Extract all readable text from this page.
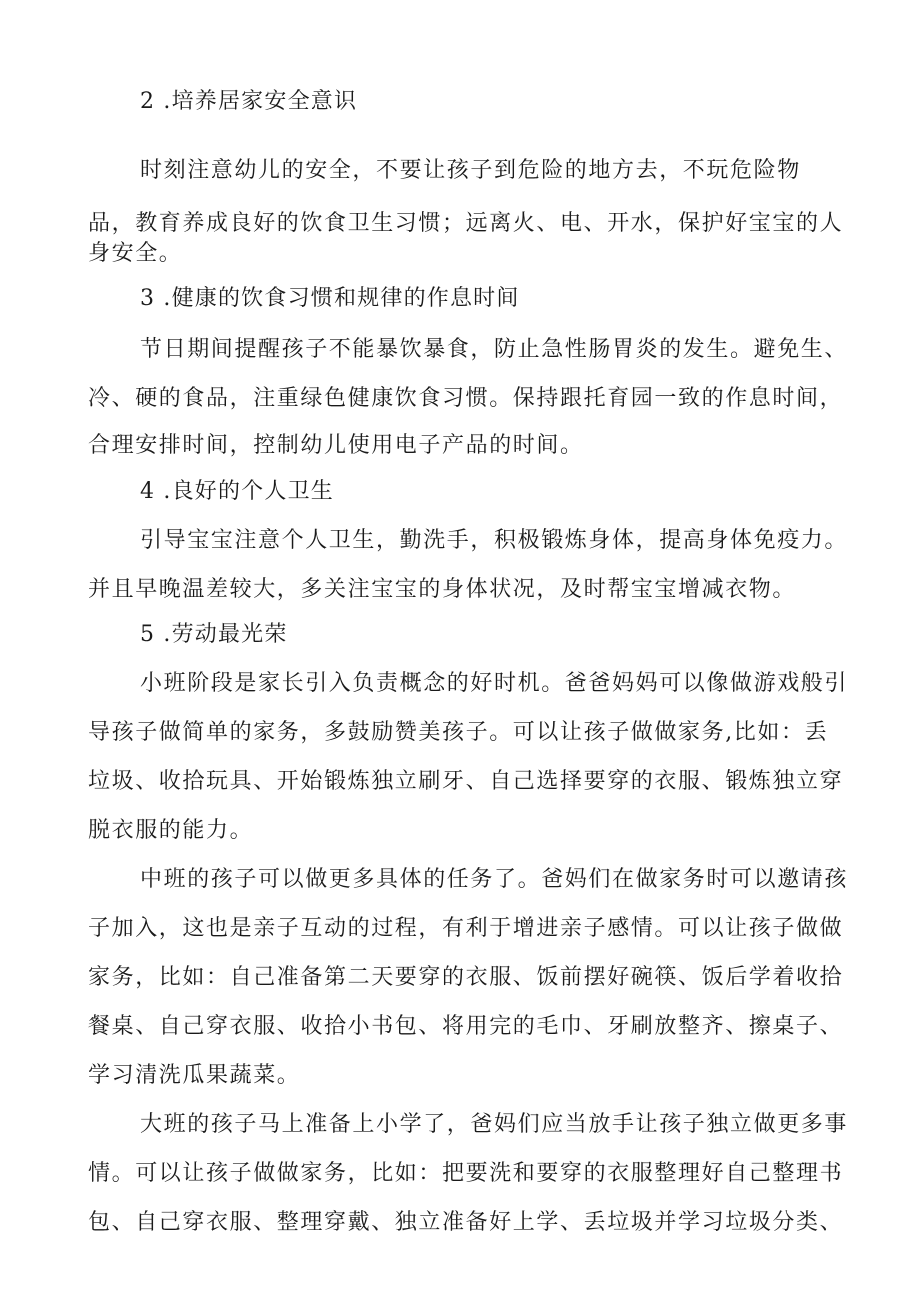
2 .培养居家安全意识
时刻注意幼儿的安全，不要让孩子到危险的地方去，不玩危险物
品，教育养成良好的饮食卫生习惯；远离火、电、开水，保护好宝宝的人
身安全。
3 .健康的饮食习惯和规律的作息时间
节日期间提醒孩子不能暴饮暴食，防止急性肠胃炎的发生。避免生、
冷、硬的食品，注重绿色健康饮食习惯。保持跟托育园一致的作息时间，
合理安排时间，控制幼儿使用电子产品的时间。
4 .良好的个人卫生
引导宝宝注意个人卫生，勤洗手，积极锻炼身体，提高身体免疫力。
并且早晚温差较大，多关注宝宝的身体状况，及时帮宝宝增减衣物。
5 .劳动最光荣
小班阶段是家长引入负责概念的好时机。爸爸妈妈可以像做游戏般引
导孩子做简单的家务，多鼓励赞美孩子。可以让孩子做做家务,比如：丢
垃圾、收拾玩具、开始锻炼独立刷牙、自己选择要穿的衣服、锻炼独立穿
脱衣服的能力。
中班的孩子可以做更多具体的任务了。爸妈们在做家务时可以邀请孩
子加入，这也是亲子互动的过程，有利于增进亲子感情。可以让孩子做做
家务，比如：自己准备第二天要穿的衣服、饭前摆好碗筷、饭后学着收拾
餐桌、自己穿衣服、收拾小书包、将用完的毛巾、牙刷放整齐、擦桌子、
学习清洗瓜果蔬菜。
大班的孩子马上准备上小学了，爸妈们应当放手让孩子独立做更多事
情。可以让孩子做做家务，比如：把要洗和要穿的衣服整理好自己整理书
包、自己穿衣服、整理穿戴、独立准备好上学、丢垃圾并学习垃圾分类、
